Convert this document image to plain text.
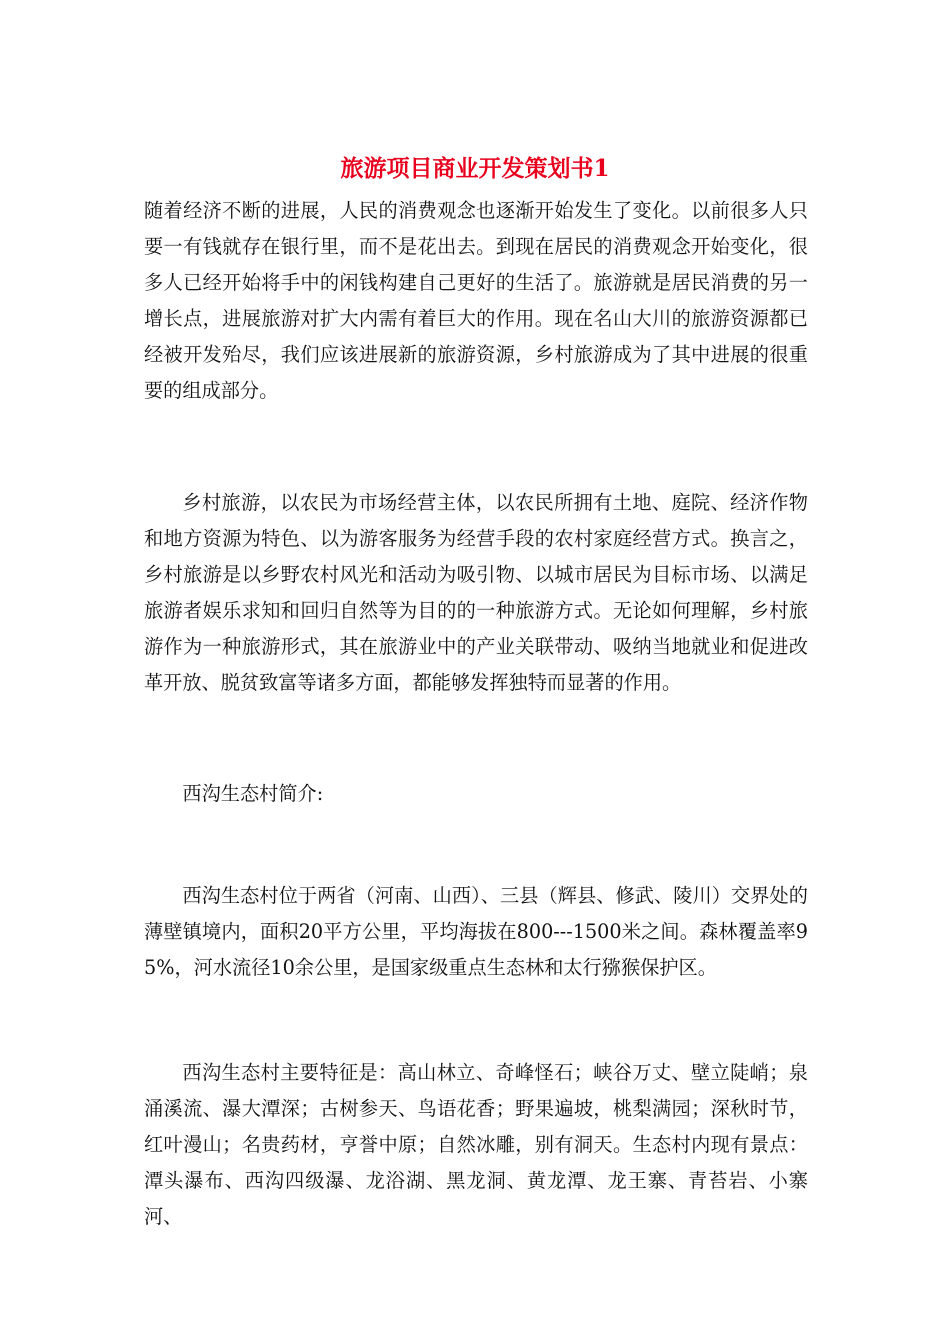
旅游项目商业开发策划书1

随着经济不断的进展，人民的消费观念也逐渐开始发生了变化。以前很多人只要一有钱就存在银行里，而不是花出去。到现在居民的消费观念开始变化，很多人已经开始将手中的闲钱构建自己更好的生活了。旅游就是居民消费的另一增长点，进展旅游对扩大内需有着巨大的作用。现在名山大川的旅游资源都已经被开发殆尽，我们应该进展新的旅游资源，乡村旅游成为了其中进展的很重要的组成部分。

乡村旅游，以农民为市场经营主体，以农民所拥有土地、庭院、经济作物和地方资源为特色、以为游客服务为经营手段的农村家庭经营方式。换言之，乡村旅游是以乡野农村风光和活动为吸引物、以城市居民为目标市场、以满足旅游者娱乐求知和回归自然等为目的的一种旅游方式。无论如何理解，乡村旅游作为一种旅游形式，其在旅游业中的产业关联带动、吸纳当地就业和促进改革开放、脱贫致富等诸多方面，都能够发挥独特而显著的作用。

西沟生态村简介:

西沟生态村位于两省（河南、山西）、三县（辉县、修武、陵川）交界处的薄壁镇境内，面积20平方公里，平均海拔在800---1500米之间。森林覆盖率95%，河水流径10余公里，是国家级重点生态林和太行猕猴保护区。

西沟生态村主要特征是：高山林立、奇峰怪石；峡谷万丈、壁立陡峭；泉涌溪流、瀑大潭深；古树参天、鸟语花香；野果遍坡，桃梨满园；深秋时节，红叶漫山；名贵药材，亨誉中原；自然冰雕，别有洞天。生态村内现有景点：潭头瀑布、西沟四级瀑、龙浴湖、黑龙洞、黄龙潭、龙王寨、青苔岩、小寨河、
